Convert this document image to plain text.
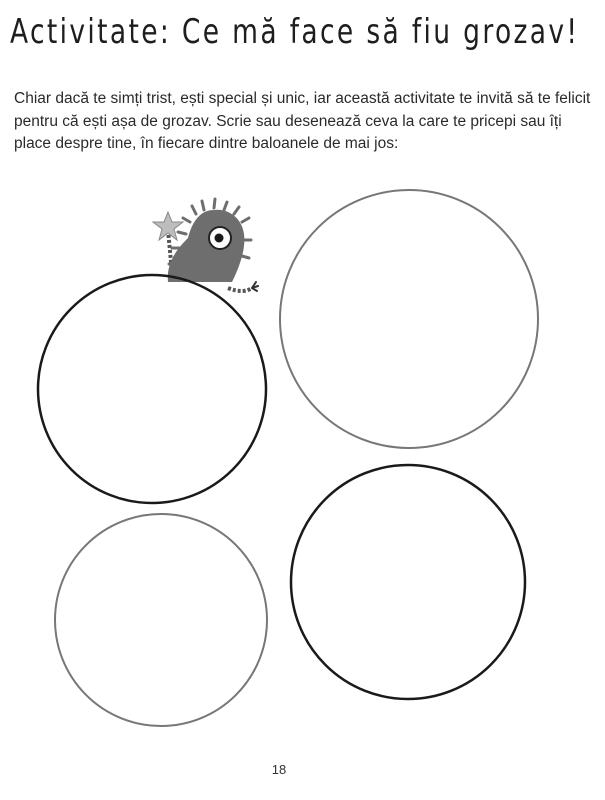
Activitate: Ce mă face să fiu grozav!

Chiar dacă te simți trist, ești special și unic, iar această activitate te invită să te felicit pentru că ești așa de grozav. Scrie sau desenează ceva la care te pricepi sau îți place despre tine, în fiecare dintre baloanele de mai jos:

18
